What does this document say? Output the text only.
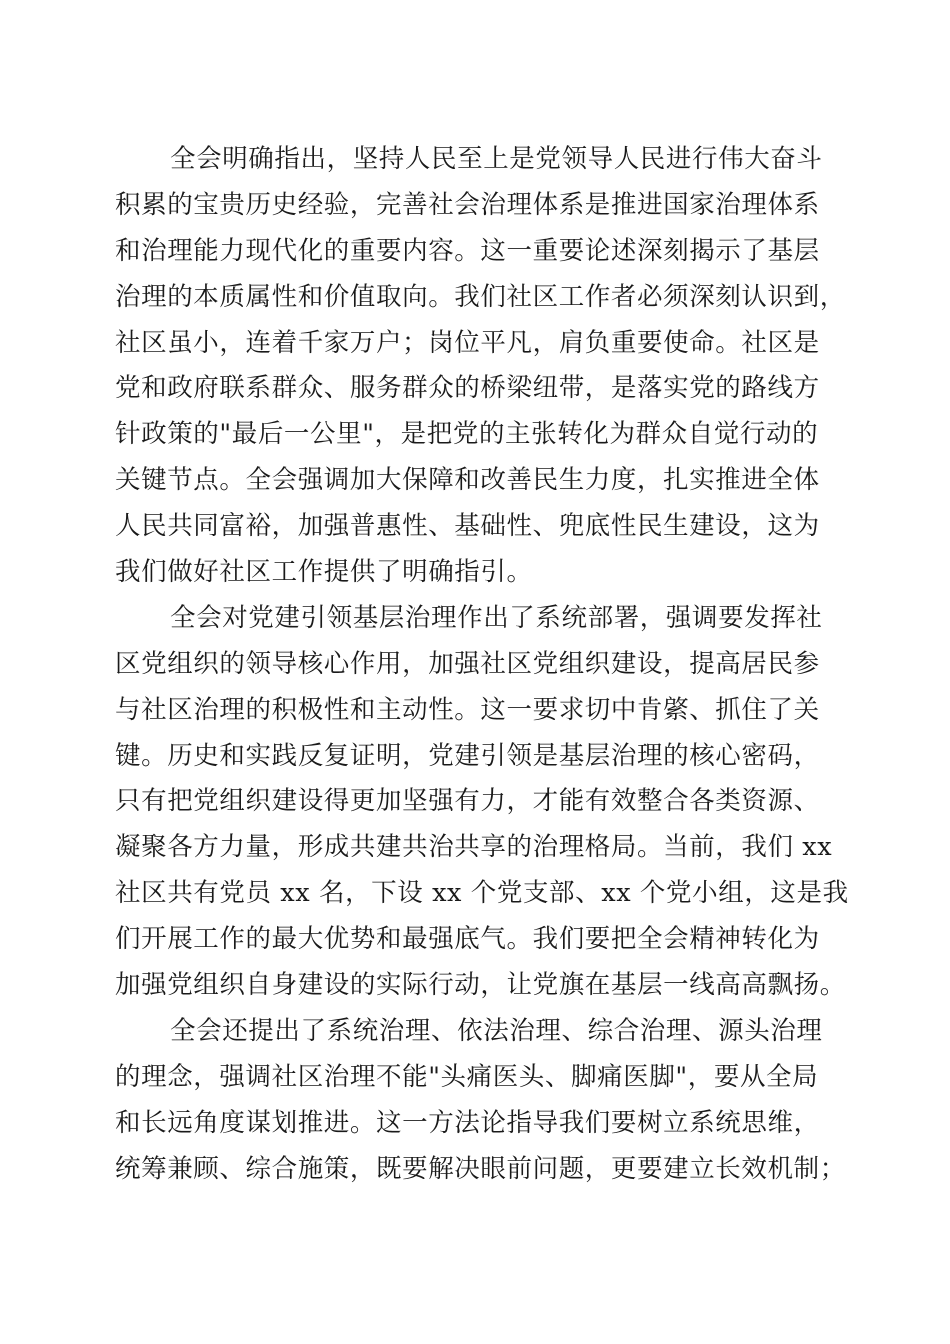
全会明确指出，坚持人民至上是党领导人民进行伟大奋斗
积累的宝贵历史经验，完善社会治理体系是推进国家治理体系
和治理能力现代化的重要内容。这一重要论述深刻揭示了基层
治理的本质属性和价值取向。我们社区工作者必须深刻认识到，
社区虽小，连着千家万户；岗位平凡，肩负重要使命。社区是
党和政府联系群众、服务群众的桥梁纽带，是落实党的路线方
针政策的"最后一公里"，是把党的主张转化为群众自觉行动的
关键节点。全会强调加大保障和改善民生力度，扎实推进全体
人民共同富裕，加强普惠性、基础性、兜底性民生建设，这为
我们做好社区工作提供了明确指引。
全会对党建引领基层治理作出了系统部署，强调要发挥社
区党组织的领导核心作用，加强社区党组织建设，提高居民参
与社区治理的积极性和主动性。这一要求切中肯綮、抓住了关
键。历史和实践反复证明，党建引领是基层治理的核心密码，
只有把党组织建设得更加坚强有力，才能有效整合各类资源、
凝聚各方力量，形成共建共治共享的治理格局。当前，我们 xx
社区共有党员 xx 名，下设 xx 个党支部、xx 个党小组，这是我
们开展工作的最大优势和最强底气。我们要把全会精神转化为
加强党组织自身建设的实际行动，让党旗在基层一线高高飘扬。
全会还提出了系统治理、依法治理、综合治理、源头治理
的理念，强调社区治理不能"头痛医头、脚痛医脚"，要从全局
和长远角度谋划推进。这一方法论指导我们要树立系统思维，
统筹兼顾、综合施策，既要解决眼前问题，更要建立长效机制；
